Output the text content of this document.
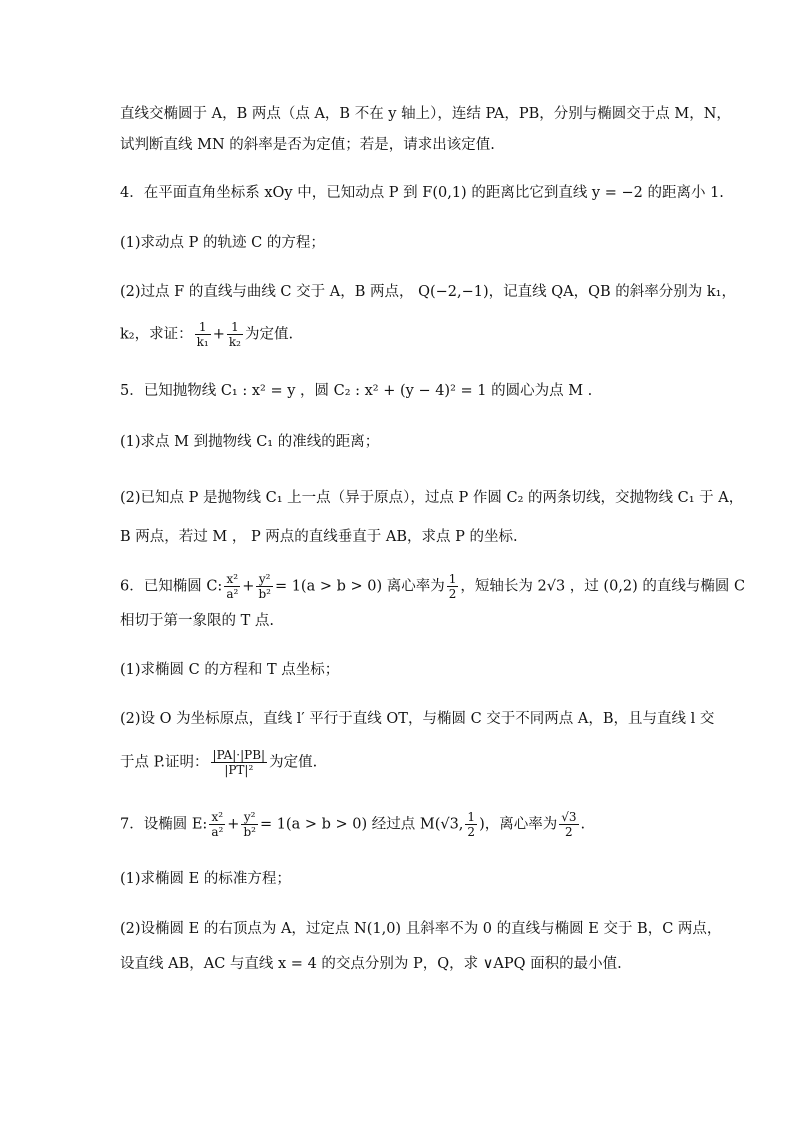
直线交椭圆于 A，B 两点（点 A，B 不在 y 轴上），连结 PA，PB，分别与椭圆交于点 M，N，
试判断直线 MN 的斜率是否为定值；若是，请求出该定值.
4．在平面直角坐标系 xOy 中，已知动点 P 到 F(0,1) 的距离比它到直线 y = −2 的距离小 1.
(1)求动点 P 的轨迹 C 的方程；
(2)过点 F 的直线与曲线 C 交于 A，B 两点， Q(−2,−1)，记直线 QA，QB 的斜率分别为 k₁，
5．已知抛物线 C₁ : x² = y ，圆 C₂ : x² + (y − 4)² = 1 的圆心为点 M .
(1)求点 M 到抛物线 C₁ 的准线的距离；
(2)已知点 P 是抛物线 C₁ 上一点（异于原点），过点 P 作圆 C₂ 的两条切线，交抛物线 C₁ 于 A，
B 两点，若过 M ， P 两点的直线垂直于 AB，求点 P 的坐标.
相切于第一象限的 T 点.
(1)求椭圆 C 的方程和 T 点坐标；
(2)设 O 为坐标原点，直线 l′ 平行于直线 OT，与椭圆 C 交于不同两点 A，B，且与直线 l 交
(1)求椭圆 E 的标准方程；
(2)设椭圆 E 的右顶点为 A，过定点 N(1,0) 且斜率不为 0 的直线与椭圆 E 交于 B，C 两点，
设直线 AB，AC 与直线 x = 4 的交点分别为 P，Q，求 ∨APQ 面积的最小值.
k₂，求证： $\frac{1}{\text{k₁}} + \frac{1}{\text{k₂}}$ 为定值.
6．已知椭圆 C: $\frac{\text{x²}}{\text{a²}} + \frac{\text{y²}}{\text{b²}} = 1(a > b > 0)$ 离心率为 $\frac{1}{2}$ ，短轴长为 2√3 ，过 (0,2) 的直线与椭圆 C
于点 P.证明： $\frac{|PA|\cdot|PB|}{\text{|PT|²}}$ 为定值.
7．设椭圆 E: $\frac{\text{x²}}{\text{a²}} + \frac{\text{y²}}{\text{b²}} = 1(a > b > 0)$ 经过点 M(√3, $\frac{1}{2}$ )，离心率为 $\frac{√3}{2}$ .
